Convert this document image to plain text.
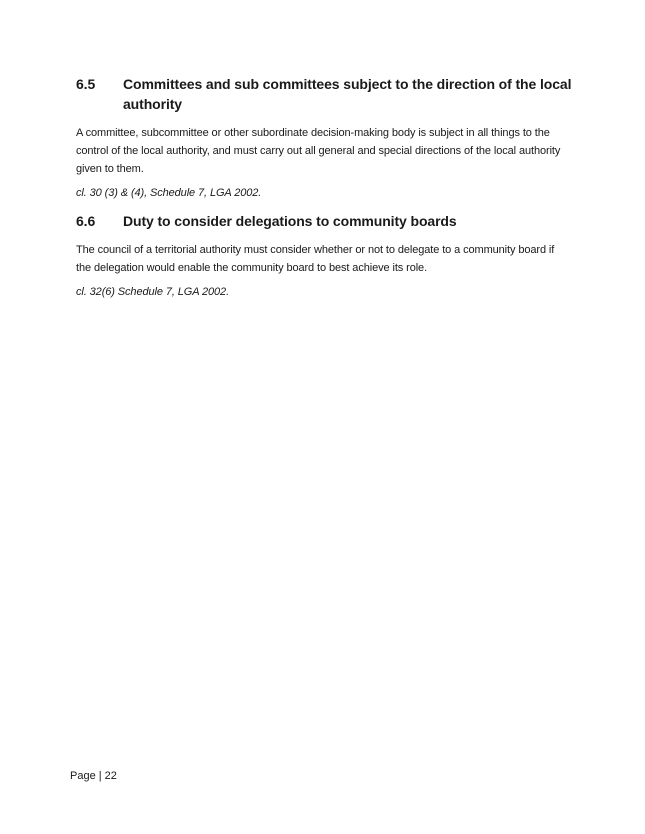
6.5	Committees and sub committees subject to the direction of the local
authority

A committee, subcommittee or other subordinate decision-making body is subject in all things to the
control of the local authority, and must carry out all general and special directions of the local authority
given to them.

cl. 30 (3) & (4), Schedule 7, LGA 2002.

6.6	Duty to consider delegations to community boards

The council of a territorial authority must consider whether or not to delegate to a community board if
the delegation would enable the community board to best achieve its role.

cl. 32(6) Schedule 7, LGA 2002.

Page | 22
